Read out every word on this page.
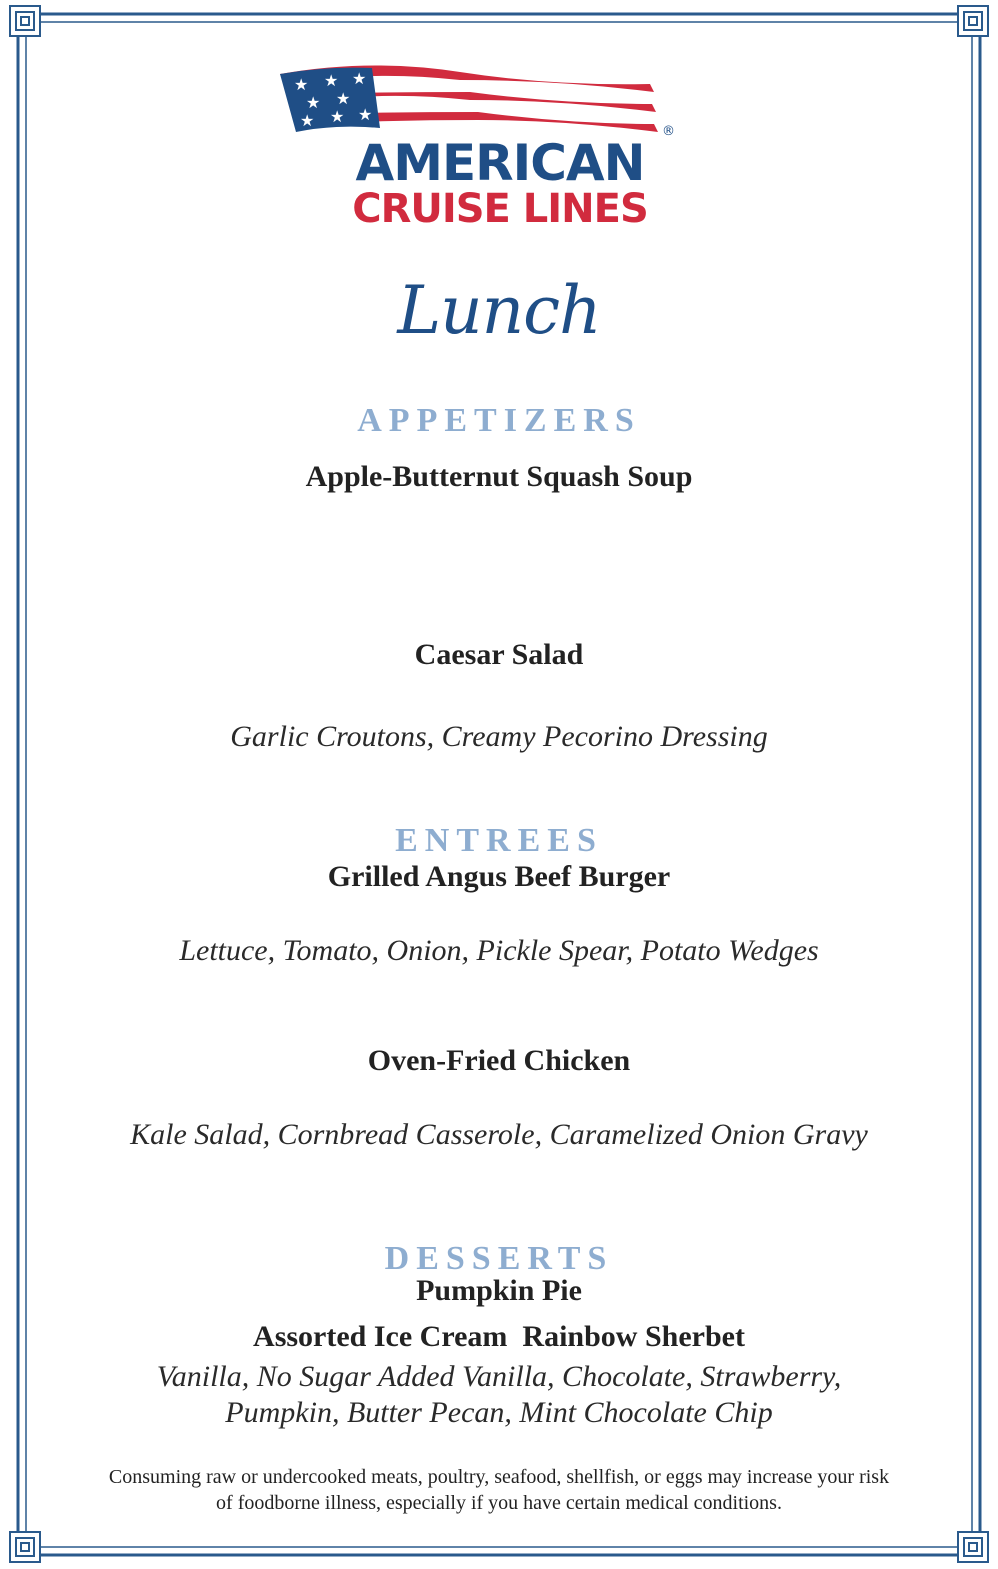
★ ★ ★
★ ★
★ ★ ★
®
AMERICAN
CRUISE LINES
Lunch
APPETIZERS
Apple-Butternut Squash Soup
Caesar Salad
Garlic Croutons, Creamy Pecorino Dressing
ENTREES
Grilled Angus Beef Burger
Lettuce, Tomato, Onion, Pickle Spear, Potato Wedges
Oven-Fried Chicken
Kale Salad, Cornbread Casserole, Caramelized Onion Gravy
DESSERTS
Pumpkin Pie
Assorted Ice Cream  Rainbow Sherbet
Vanilla, No Sugar Added Vanilla, Chocolate, Strawberry,
Pumpkin, Butter Pecan, Mint Chocolate Chip
Consuming raw or undercooked meats, poultry, seafood, shellfish, or eggs may increase your risk
of foodborne illness, especially if you have certain medical conditions.
